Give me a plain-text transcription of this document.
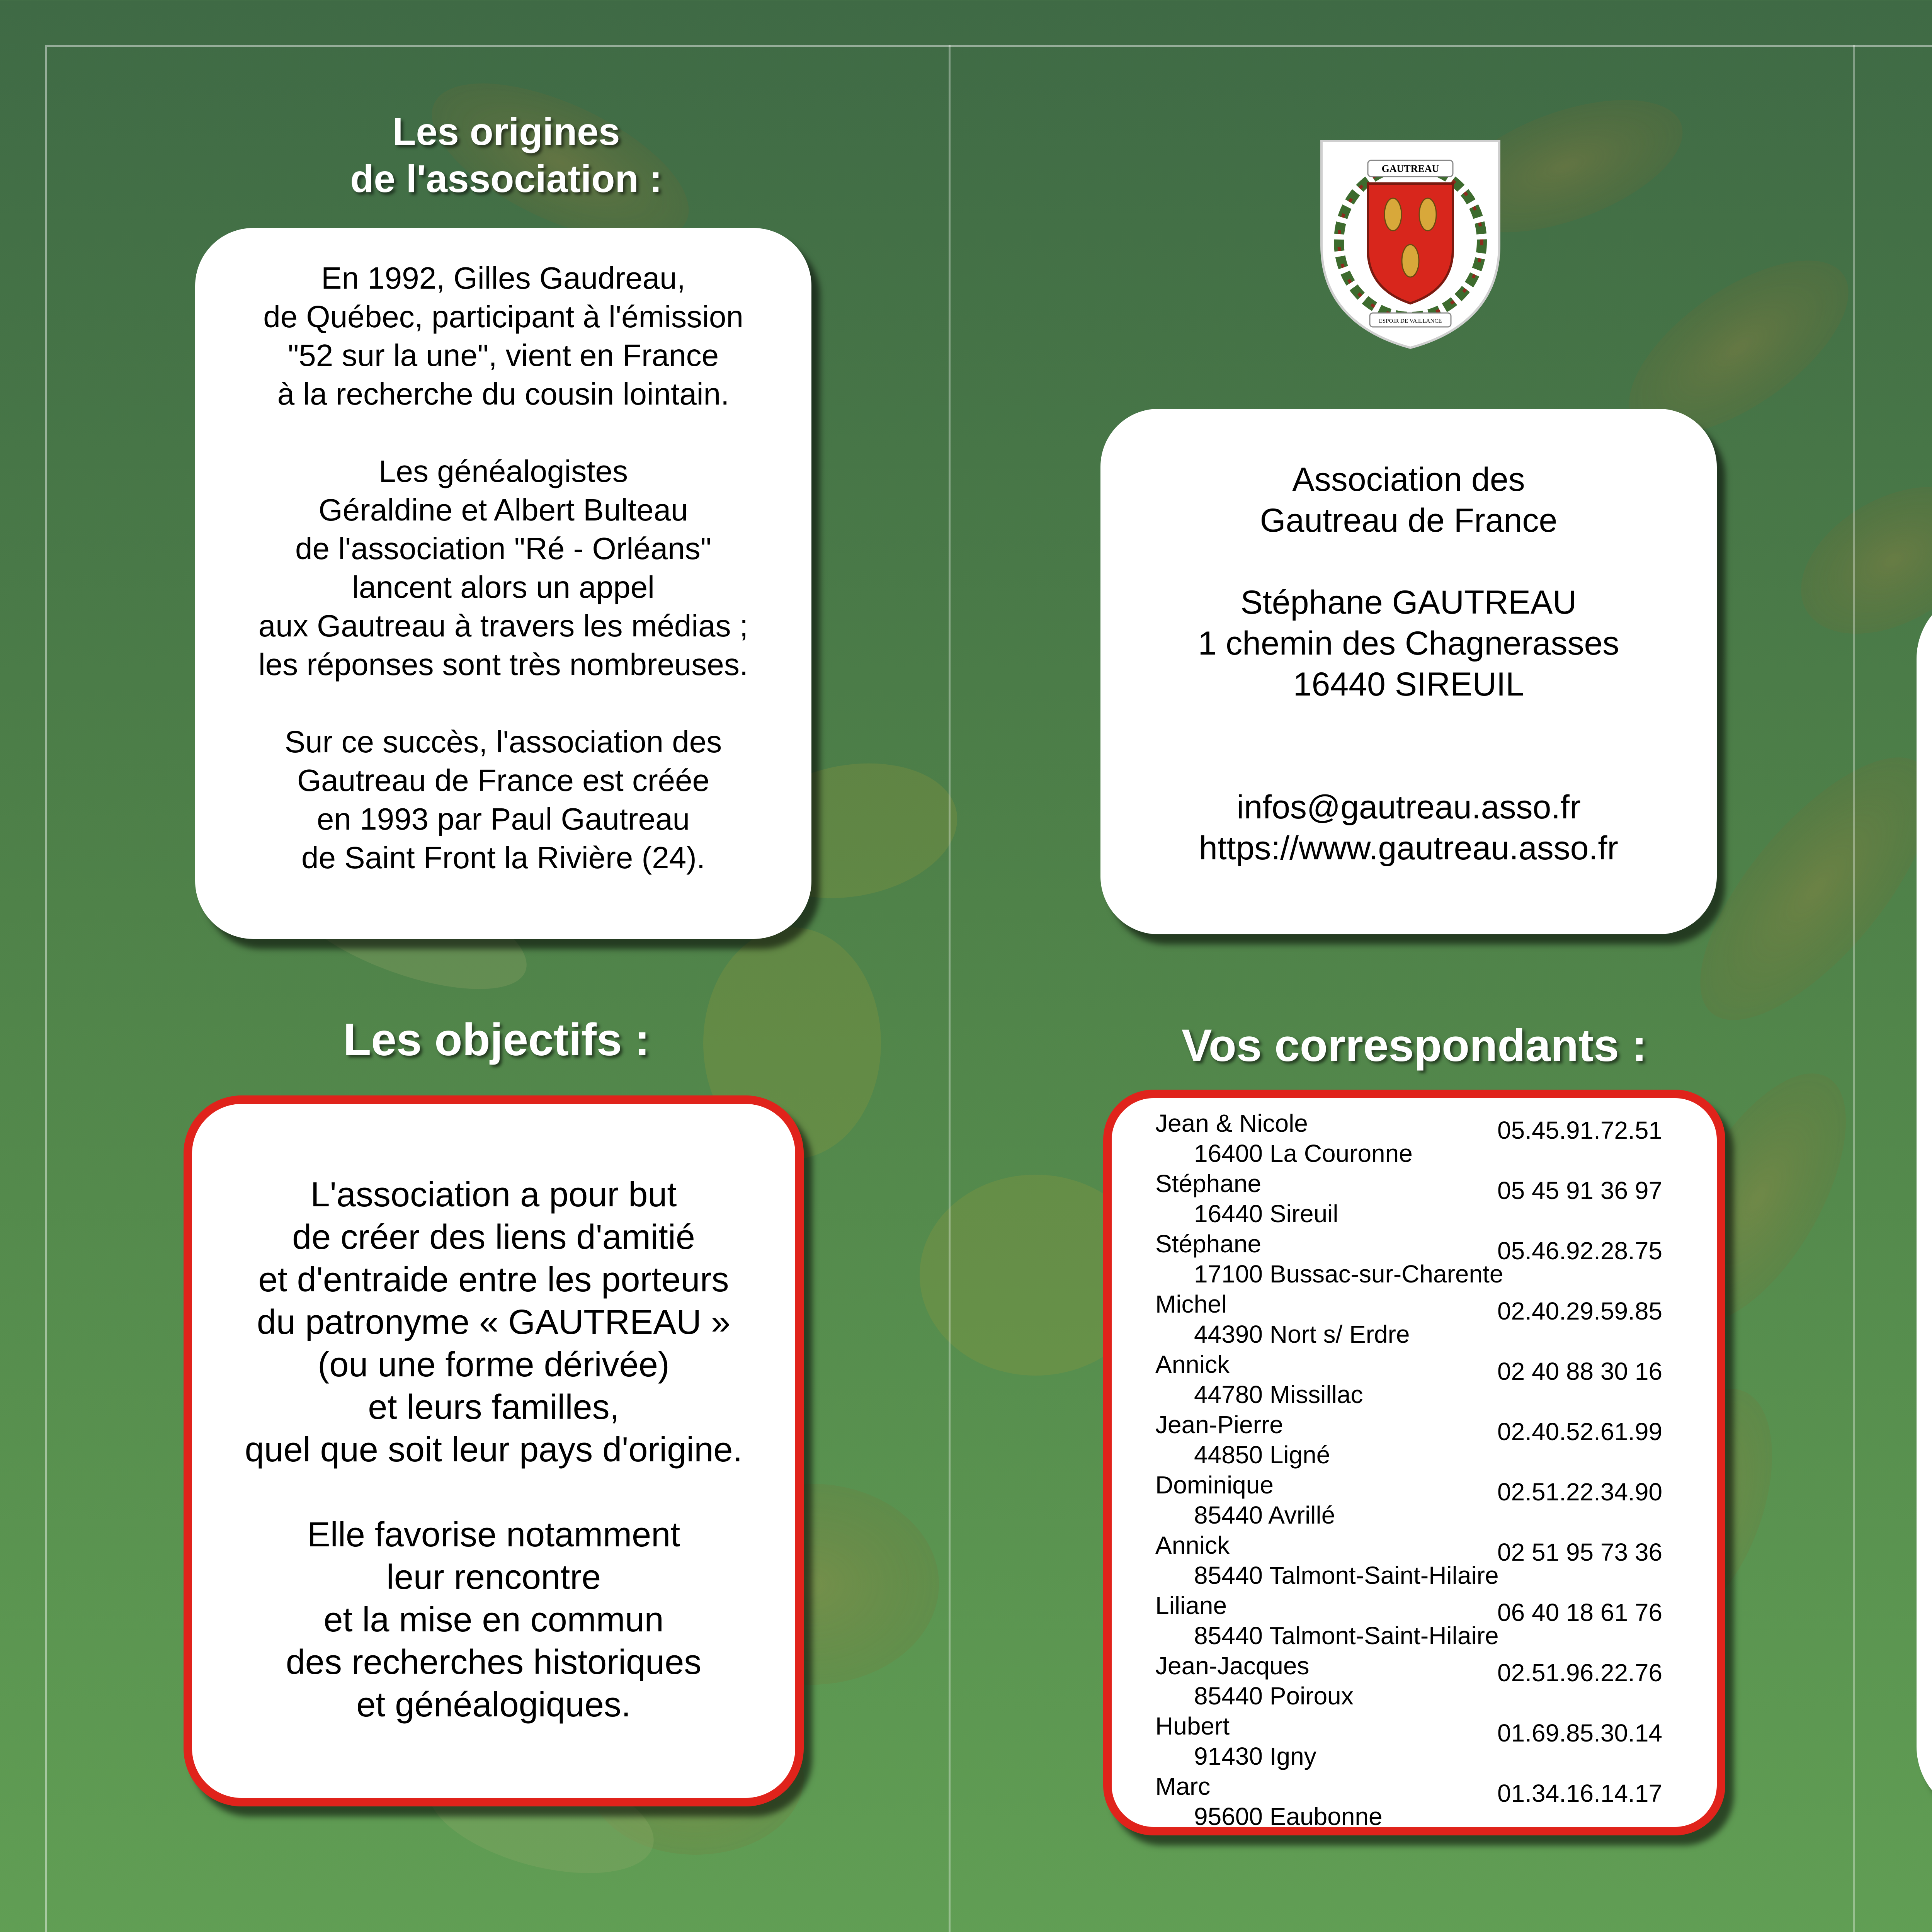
Les origines
de l'association :
En 1992, Gilles Gaudreau,
de Québec, participant à l'émission
"52 sur la une", vient en France
à la recherche du cousin lointain.

Les généalogistes
Géraldine et Albert Bulteau
de l'association "Ré - Orléans"
lancent alors un appel
aux Gautreau à travers les médias ;
les réponses sont très nombreuses.

Sur ce succès, l'association des
Gautreau de France est créée
en 1993 par Paul Gautreau
de Saint Front la Rivière (24).
Les objectifs :
L'association a pour but
de créer des liens d'amitié
et d'entraide entre les porteurs
du patronyme « GAUTREAU »
(ou une forme dérivée)
et leurs familles,
quel que soit leur pays d'origine.

Elle favorise notamment
leur rencontre
et la mise en commun
des recherches historiques
et généalogiques.
GAUTREAU
ESPOIR DE VAILLANCE
Association des
Gautreau de France

Stéphane GAUTREAU
1 chemin des Chagnerasses
16440 SIREUIL

infos@gautreau.asso.fr
https://www.gautreau.asso.fr
Vos correspondants :
Jean & Nicole	05.45.91.72.51
16400 La Couronne
Stéphane	05 45 91 36 97
16440 Sireuil
Stéphane	05.46.92.28.75
17100 Bussac-sur-Charente
Michel	02.40.29.59.85
44390 Nort s/ Erdre
Annick	02 40 88 30 16
44780 Missillac
Jean-Pierre	02.40.52.61.99
44850 Ligné
Dominique	02.51.22.34.90
85440 Avrillé
Annick	02 51 95 73 36
85440 Talmont-Saint-Hilaire
Liliane	06 40 18 61 76
85440 Talmont-Saint-Hilaire
Jean-Jacques	02.51.96.22.76
85440 Poiroux
Hubert	01.69.85.30.14
91430 Igny
Marc	01.34.16.14.17
95600 Eaubonne
